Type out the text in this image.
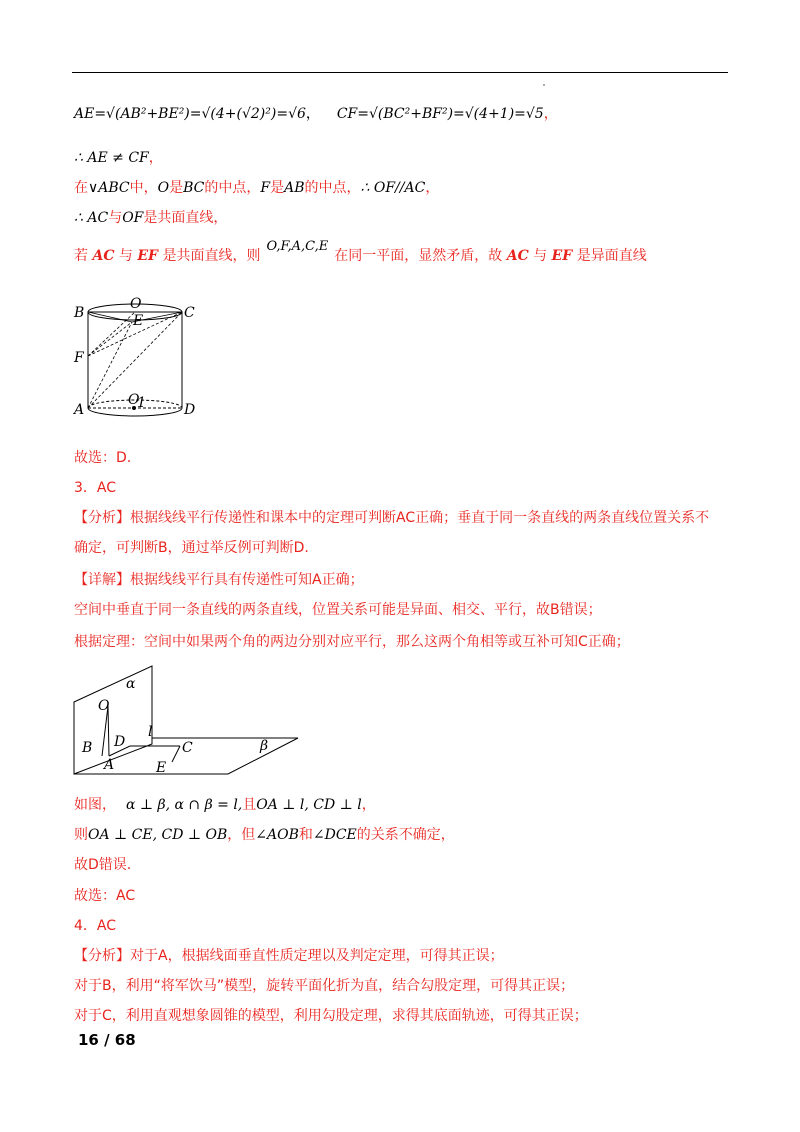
AE=√(AB²+BE²)=√(4+(√2)²)=√6， CF=√(BC²+BF²)=√(4+1)=√5，
∴ AE ≠ CF，
在∨ABC中，O是BC的中点，F是AB的中点，∴ OF//AC，
∴ AC与OF是共面直线，
若 AC 与 EF 是共面直线，则O,F,A,C,E在同一平面，显然矛盾，故 AC 与 EF 是异面直线
O
B	E	C
F
A
O
1	D
故选：D.
3．AC
【分析】根据线线平行传递性和课本中的定理可判断AC正确；垂直于同一条直线的两条直线位置关系不
确定，可判断B，通过举反例可判断D.
【详解】根据线线平行具有传递性可知A正确；
空间中垂直于同一条直线的两条直线，位置关系可能是异面、相交、平行，故B错误；
根据定理：空间中如果两个角的两边分别对应平行，那么这两个角相等或互补可知C正确；
α
O
l
B D	C	β
A	E
如图， α ⊥ β, α ∩ β = l,且OA ⊥ l, CD ⊥ l，
则OA ⊥ CE, CD ⊥ OB，但∠AOB和∠DCE的关系不确定，
故D错误.
故选：AC
4．AC
【分析】对于A，根据线面垂直性质定理以及判定定理，可得其正误；
对于B，利用“将军饮马”模型，旋转平面化折为直，结合勾股定理，可得其正误；
对于C，利用直观想象圆锥的模型，利用勾股定理，求得其底面轨迹，可得其正误；
16 / 68
